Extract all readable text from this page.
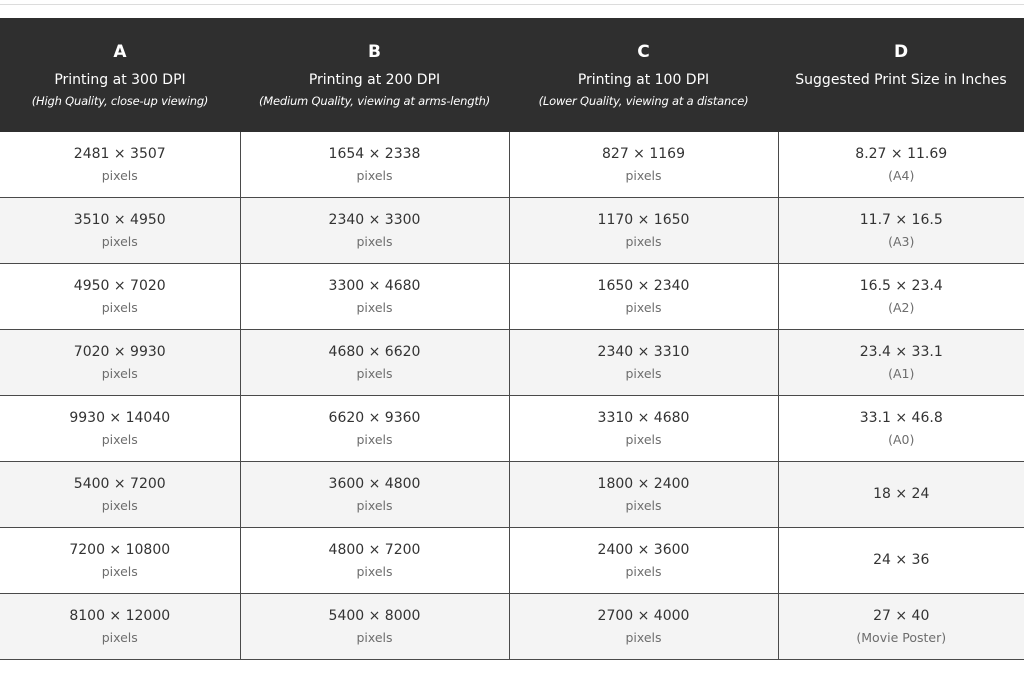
A
Printing at 300 DPI
(High Quality, close-up viewing)	B
Printing at 200 DPI
(Medium Quality, viewing at arms-length)	C
Printing at 100 DPI
(Lower Quality, viewing at a distance)	D
Suggested Print Size in Inches

2481 × 3507
pixels	1654 × 2338
pixels	827 × 1169
pixels	8.27 × 11.69
(A4)

3510 × 4950
pixels	2340 × 3300
pixels	1170 × 1650
pixels	11.7 × 16.5
(A3)

4950 × 7020
pixels	3300 × 4680
pixels	1650 × 2340
pixels	16.5 × 23.4
(A2)

7020 × 9930
pixels	4680 × 6620
pixels	2340 × 3310
pixels	23.4 × 33.1
(A1)

9930 × 14040
pixels	6620 × 9360
pixels	3310 × 4680
pixels	33.1 × 46.8
(A0)

5400 × 7200
pixels	3600 × 4800
pixels	1800 × 2400
pixels	18 × 24

7200 × 10800
pixels	4800 × 7200
pixels	2400 × 3600
pixels	24 × 36

8100 × 12000
pixels	5400 × 8000
pixels	2700 × 4000
pixels	27 × 40
(Movie Poster)
